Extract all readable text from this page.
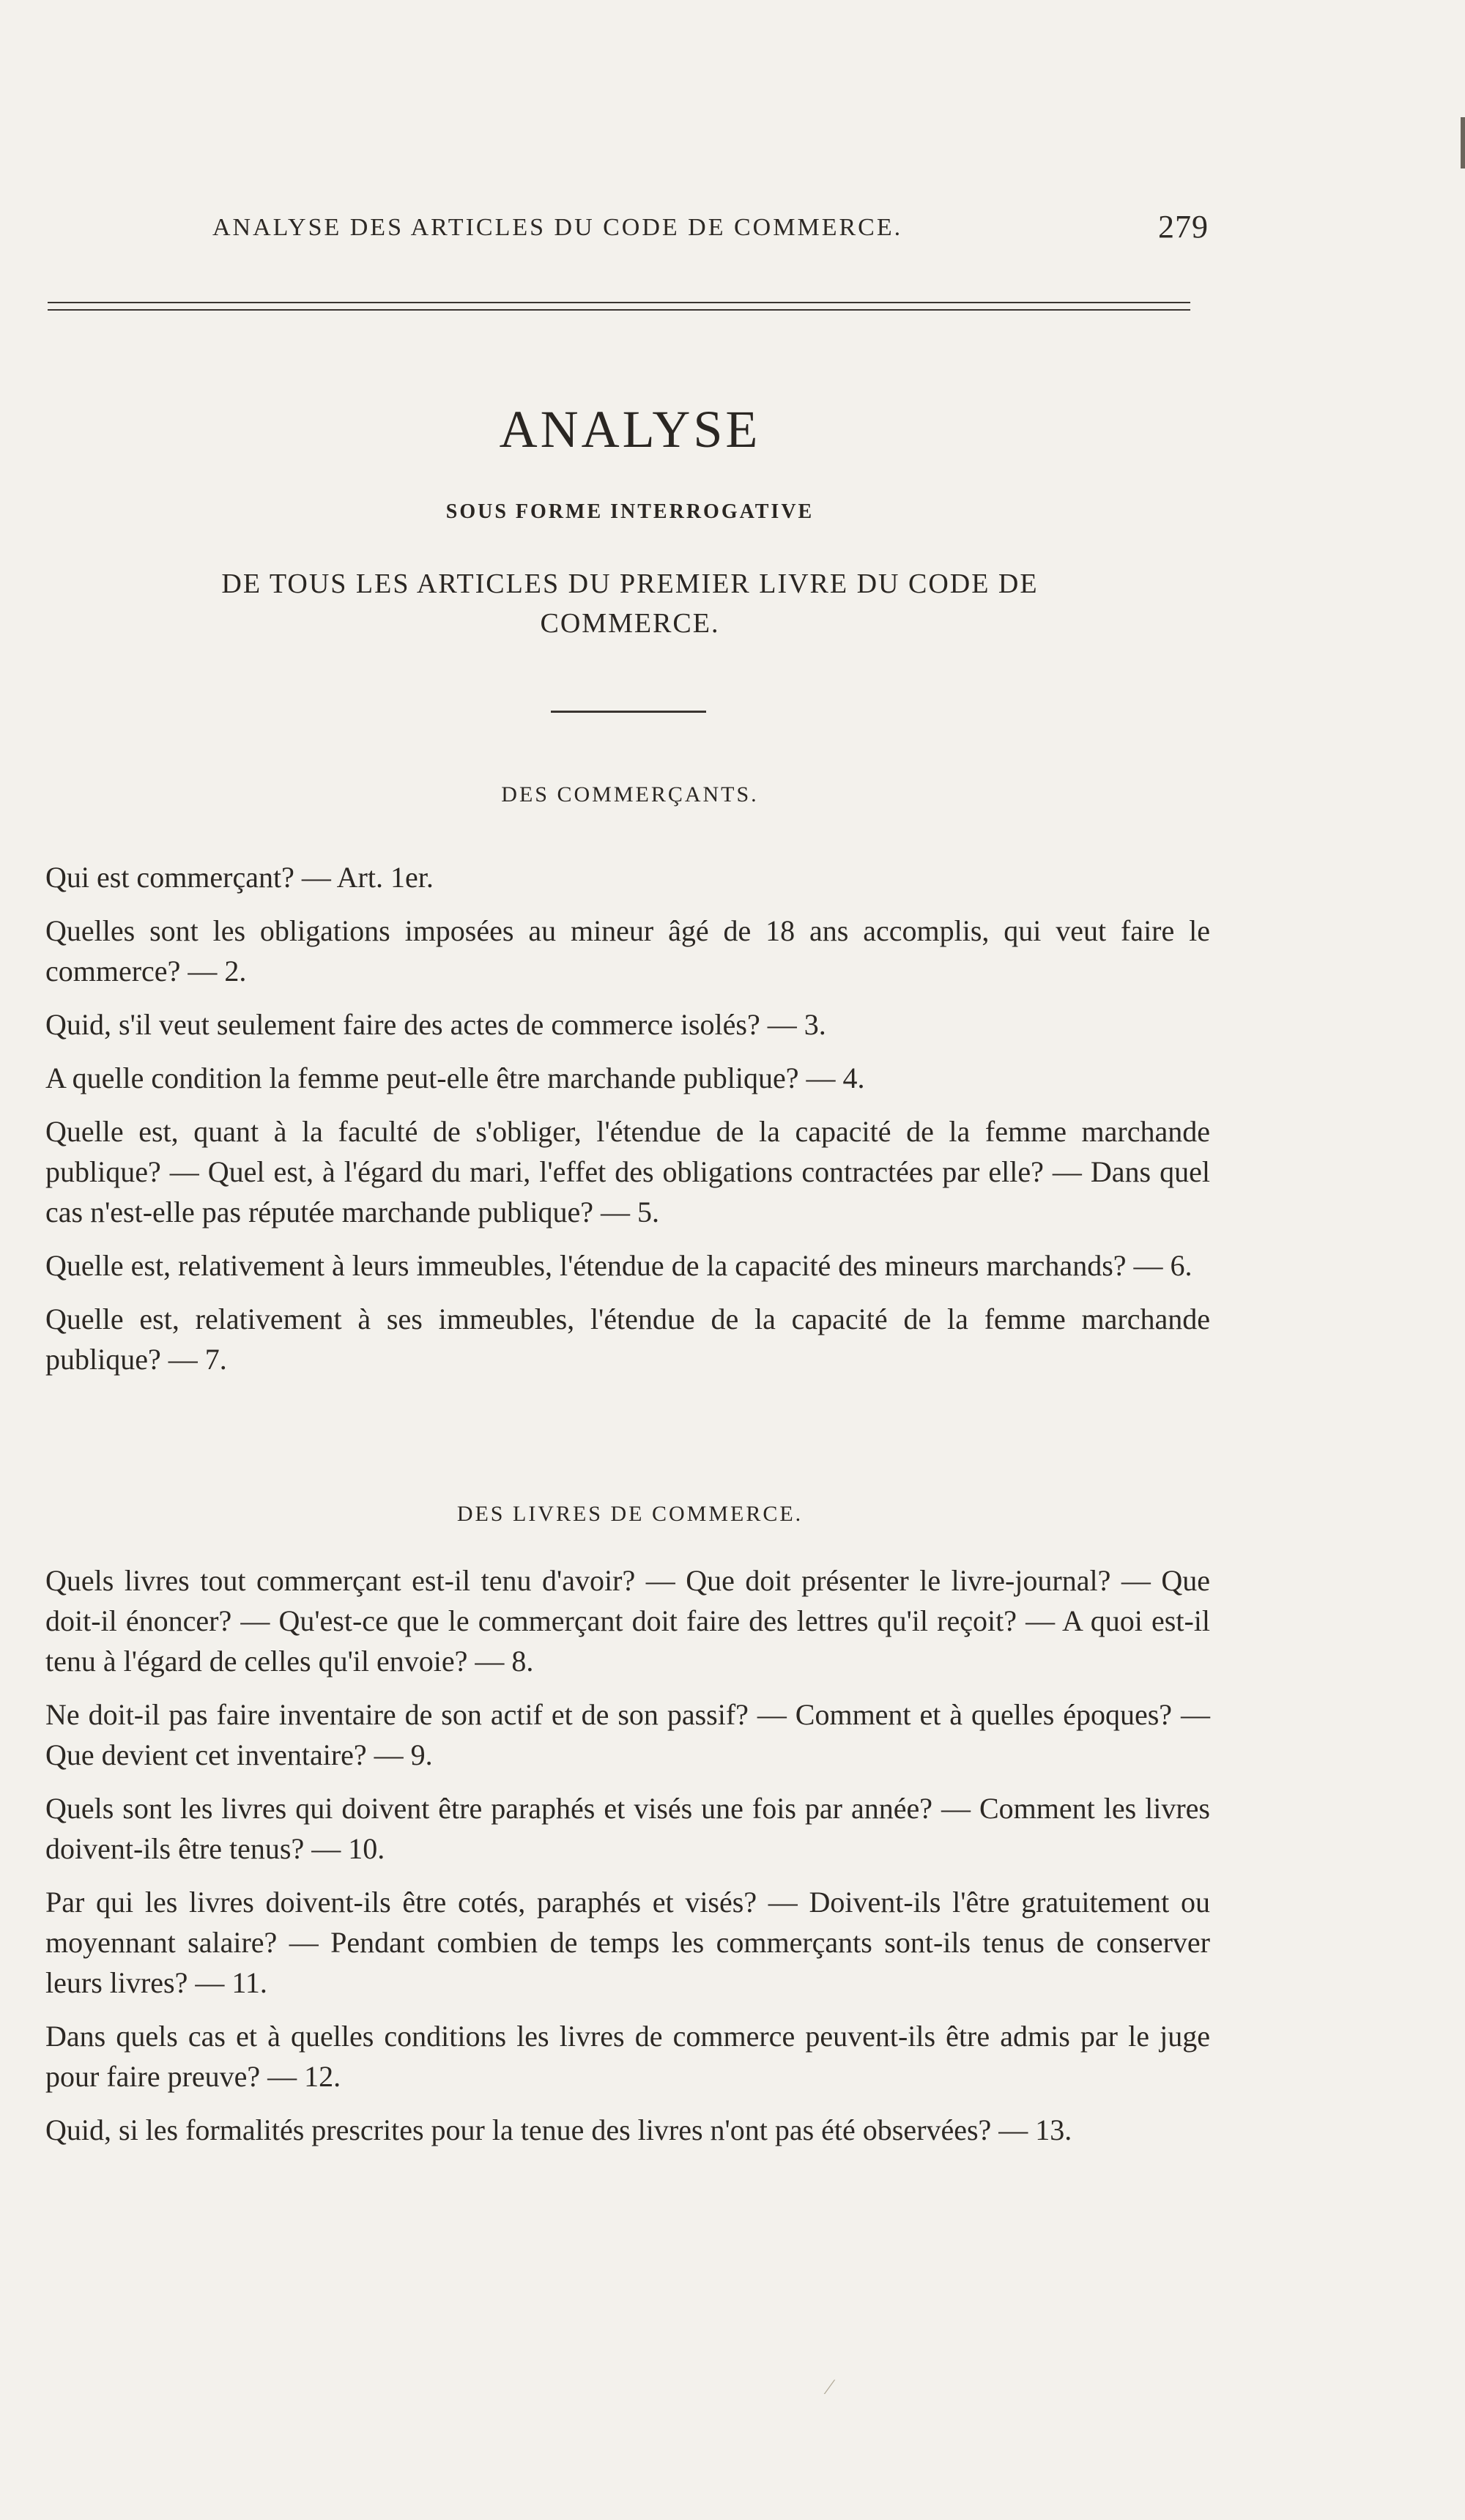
ANALYSE DES ARTICLES DU CODE DE COMMERCE.	279
ANALYSE
SOUS FORME INTERROGATIVE
DE TOUS LES ARTICLES DU PREMIER LIVRE DU CODE DE COMMERCE.
DES COMMERÇANTS.

Qui est commerçant? — Art. 1er.

Quelles sont les obligations imposées au mineur âgé de 18 ans accomplis, qui veut faire le commerce? — 2.

Quid, s'il veut seulement faire des actes de commerce isolés? — 3.

A quelle condition la femme peut-elle être marchande publique? — 4.

Quelle est, quant à la faculté de s'obliger, l'étendue de la capacité de la femme marchande publique? — Quel est, à l'égard du mari, l'effet des obligations contractées par elle? — Dans quel cas n'est-elle pas réputée marchande publique? — 5.

Quelle est, relativement à leurs immeubles, l'étendue de la capacité des mineurs marchands? — 6.

Quelle est, relativement à ses immeubles, l'étendue de la capacité de la femme marchande publique? — 7.

DES LIVRES DE COMMERCE.

Quels livres tout commerçant est-il tenu d'avoir? — Que doit présenter le livre-journal? — Que doit-il énoncer? — Qu'est-ce que le commerçant doit faire des lettres qu'il reçoit? — A quoi est-il tenu à l'égard de celles qu'il envoie? — 8.

Ne doit-il pas faire inventaire de son actif et de son passif? — Comment et à quelles époques? — Que devient cet inventaire? — 9.

Quels sont les livres qui doivent être paraphés et visés une fois par année? — Comment les livres doivent-ils être tenus? — 10.

Par qui les livres doivent-ils être cotés, paraphés et visés? — Doivent-ils l'être gratuitement ou moyennant salaire? — Pendant combien de temps les commerçants sont-ils tenus de conserver leurs livres? — 11.

Dans quels cas et à quelles conditions les livres de commerce peuvent-ils être admis par le juge pour faire preuve? — 12.

Quid, si les formalités prescrites pour la tenue des livres n'ont pas été observées? — 13.

⁄
